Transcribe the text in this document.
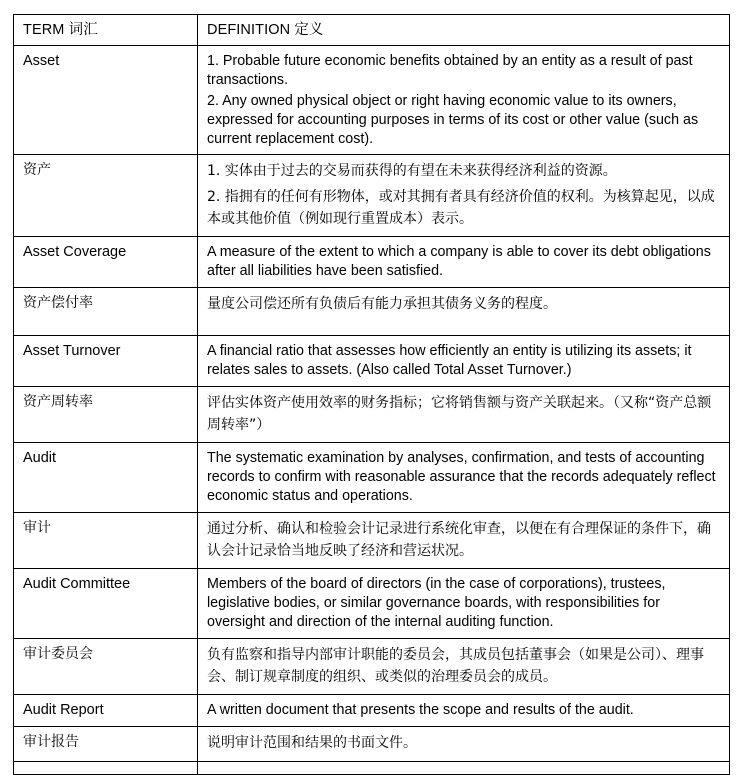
TERM 词汇	DEFINITION 定义
Asset	1. Probable future economic benefits obtained by an entity as a result of past transactions.

2. Any owned physical object or right having economic value to its owners, expressed for accounting purposes in terms of its cost or other value (such as current replacement cost).

资产	1. 实体由于过去的交易而获得的有望在未来获得经济利益的资源。

2. 指拥有的任何有形物体，或对其拥有者具有经济价值的权利。为核算起见，以成本或其他价值（例如现行重置成本）表示。

Asset Coverage	A measure of the extent to which a company is able to cover its debt obligations after all liabilities have been satisfied.

资产偿付率	量度公司偿还所有负债后有能力承担其债务义务的程度。

Asset Turnover	A financial ratio that assesses how efficiently an entity is utilizing its assets; it relates sales to assets. (Also called Total Asset Turnover.)

资产周转率	评估实体资产使用效率的财务指标；它将销售额与资产关联起来。（又称“资产总额周转率”）

Audit	The systematic examination by analyses, confirmation, and tests of accounting records to confirm with reasonable assurance that the records adequately reflect economic status and operations.

审计	通过分析、确认和检验会计记录进行系统化审查，以便在有合理保证的条件下，确认会计记录恰当地反映了经济和营运状况。

Audit Committee	Members of the board of directors (in the case of corporations), trustees, legislative bodies, or similar governance boards, with responsibilities for oversight and direction of the internal auditing function.

审计委员会	负有监察和指导内部审计职能的委员会，其成员包括董事会（如果是公司）、理事会、制订规章制度的组织、或类似的治理委员会的成员。

Audit Report	A written document that presents the scope and results of the audit.

审计报告	说明审计范围和结果的书面文件。
